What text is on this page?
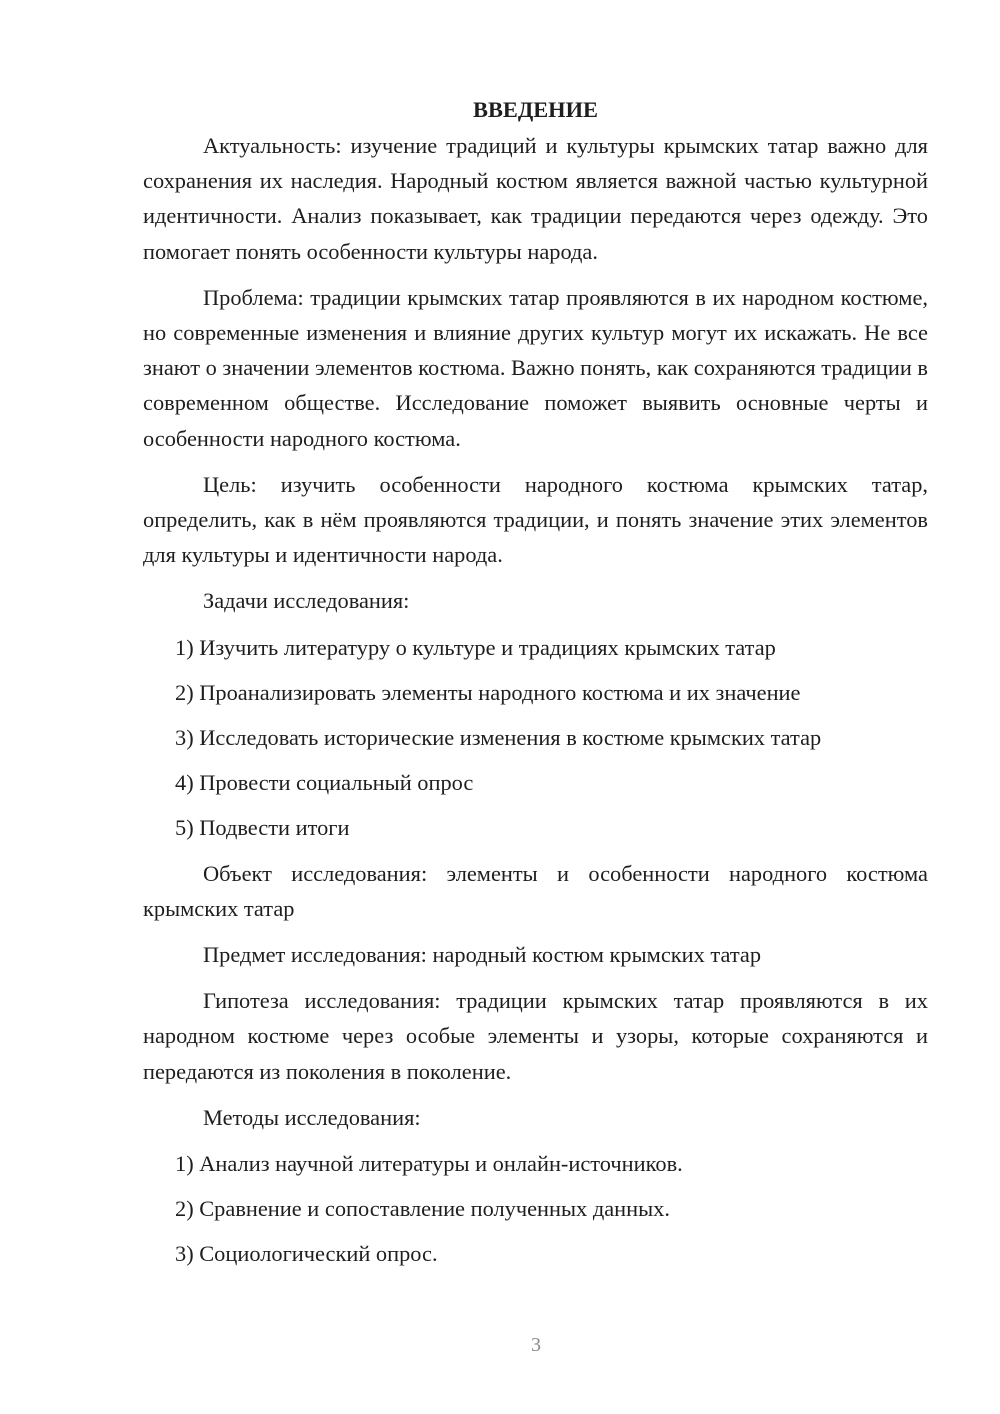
ВВЕДЕНИЕ

Актуальность: изучение традиций и культуры крымских татар важно для сохранения их наследия. Народный костюм является важной частью культурной идентичности. Анализ показывает, как традиции передаются через одежду. Это помогает понять особенности культуры народа.

Проблема: традиции крымских татар проявляются в их народном костюме, но современные изменения и влияние других культур могут их искажать. Не все знают о значении элементов костюма. Важно понять, как сохраняются традиции в современном обществе. Исследование поможет выявить основные черты и особенности народного костюма.

Цель: изучить особенности народного костюма крымских татар, определить, как в нём проявляются традиции, и понять значение этих элементов для культуры и идентичности народа.

Задачи исследования:

1) Изучить литературу о культуре и традициях крымских татар
2) Проанализировать элементы народного костюма и их значение
3) Исследовать исторические изменения в костюме крымских татар
4) Провести социальный опрос
5) Подвести итоги

Объект исследования: элементы и особенности народного костюма крымских татар

Предмет исследования: народный костюм крымских татар

Гипотеза исследования: традиции крымских татар проявляются в их народном костюме через особые элементы и узоры, которые сохраняются и передаются из поколения в поколение.

Методы исследования:

1) Анализ научной литературы и онлайн-источников.
2) Сравнение и сопоставление полученных данных.
3) Социологический опрос.
3
